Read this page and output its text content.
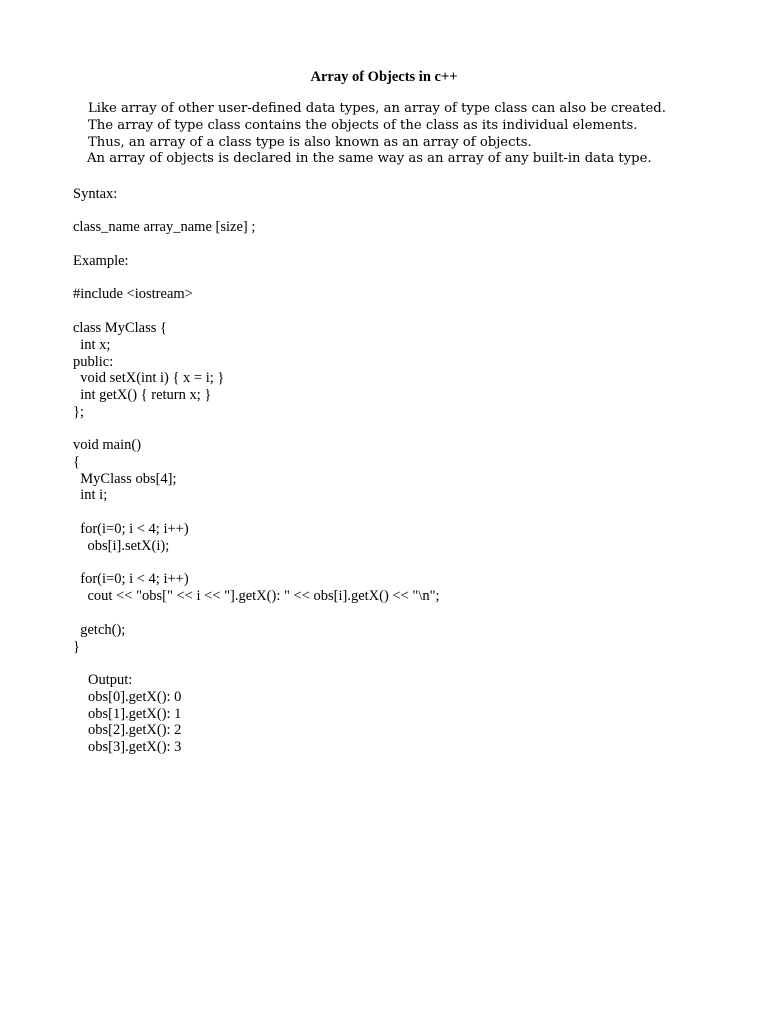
Array of Objects in c++
Like array of other user-defined data types, an array of type class can also be created.
The array of type class contains the objects of the class as its individual elements.
Thus, an array of a class type is also known as an array of objects.
An array of objects is declared in the same way as an array of any built-in data type.
Syntax:
class_name array_name [size] ;
Example:
#include <iostream>
class MyClass {
int x;
public:
void setX(int i) { x = i; }
int getX() { return x; }
};
void main()
{
MyClass obs[4];
int i;
for(i=0; i < 4; i++)
obs[i].setX(i);
for(i=0; i < 4; i++)
cout << "obs[" << i << "].getX(): " << obs[i].getX() << "\n";
getch();
}
Output:
obs[0].getX(): 0
obs[1].getX(): 1
obs[2].getX(): 2
obs[3].getX(): 3
